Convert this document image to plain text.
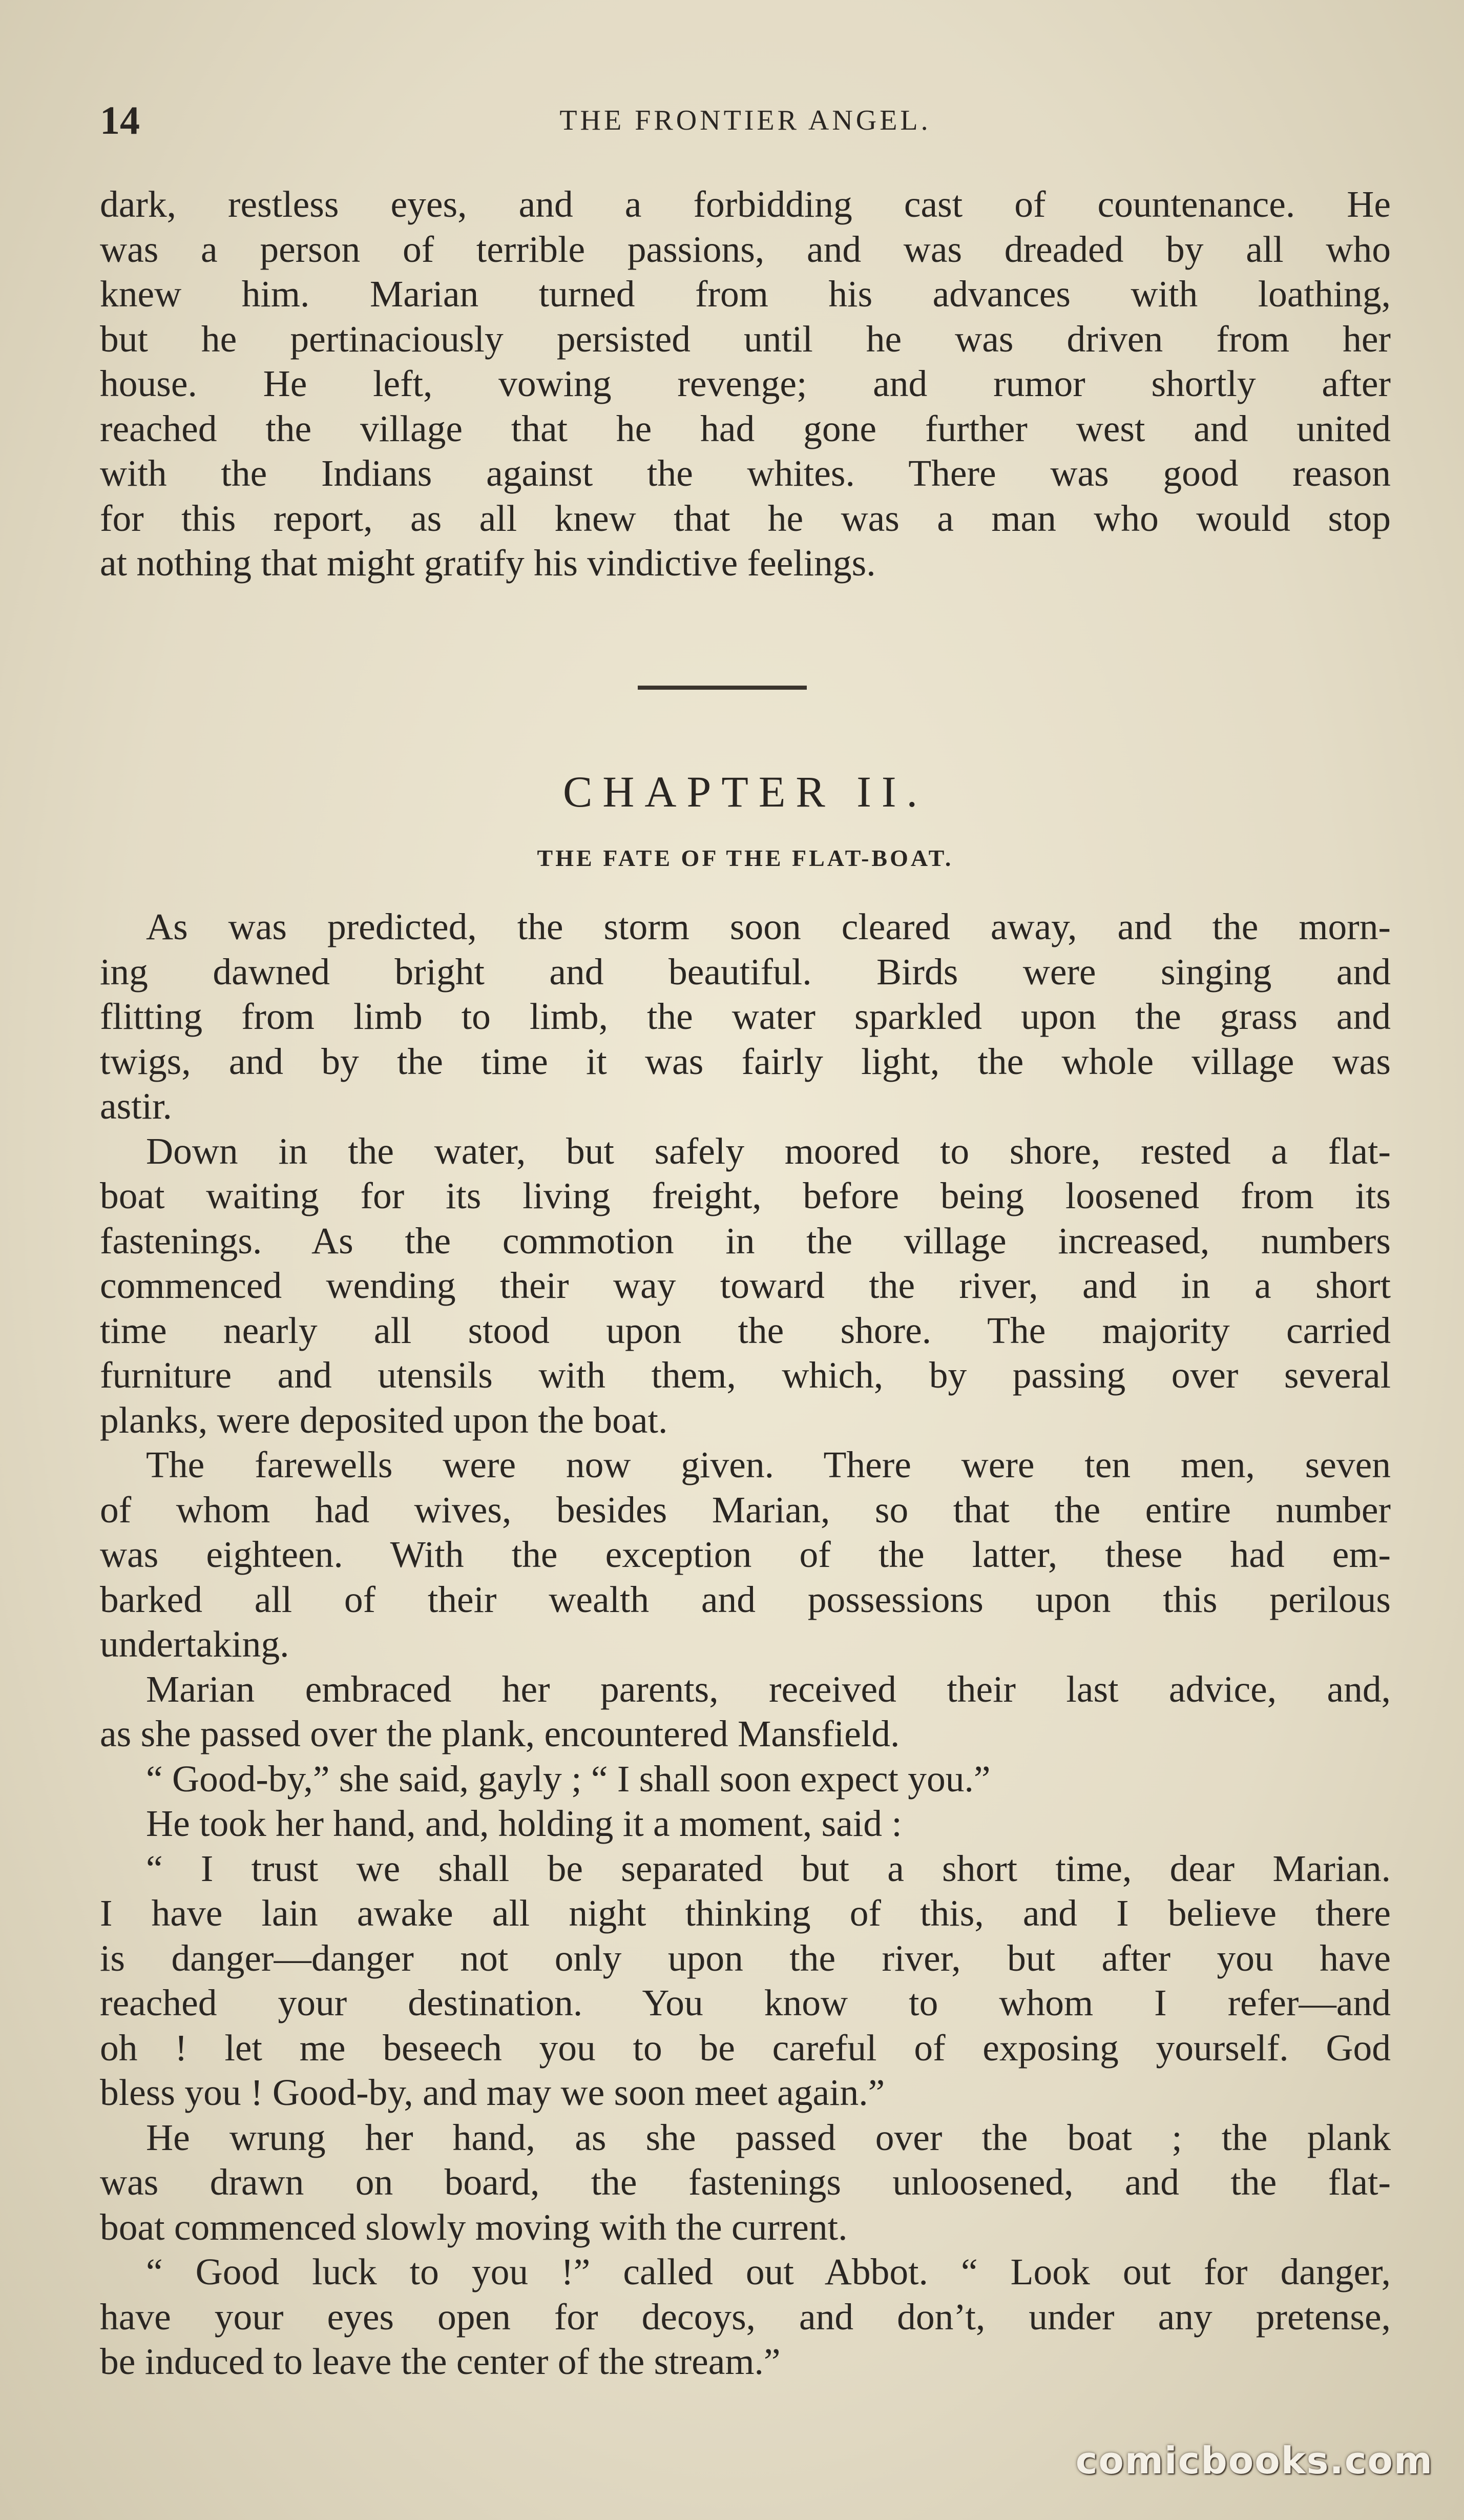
14	THE FRONTIER ANGEL.
dark, restless eyes, and a forbidding cast of countenance. He
was a person of terrible passions, and was dreaded by all who
knew him. Marian turned from his advances with loathing,
but he pertinaciously persisted until he was driven from her
house. He left, vowing revenge; and rumor shortly after
reached the village that he had gone further west and united
with the Indians against the whites. There was good reason
for this report, as all knew that he was a man who would stop
at nothing that might gratify his vindictive feelings.
CHAPTER II.
THE FATE OF THE FLAT-BOAT.
As was predicted, the storm soon cleared away, and the morn-
ing dawned bright and beautiful. Birds were singing and
flitting from limb to limb, the water sparkled upon the grass and
twigs, and by the time it was fairly light, the whole village was
astir.
Down in the water, but safely moored to shore, rested a flat-
boat waiting for its living freight, before being loosened from its
fastenings. As the commotion in the village increased, numbers
commenced wending their way toward the river, and in a short
time nearly all stood upon the shore. The majority carried
furniture and utensils with them, which, by passing over several
planks, were deposited upon the boat.
The farewells were now given. There were ten men, seven
of whom had wives, besides Marian, so that the entire number
was eighteen. With the exception of the latter, these had em-
barked all of their wealth and possessions upon this perilous
undertaking.
Marian embraced her parents, received their last advice, and,
as she passed over the plank, encountered Mansfield.
“ Good-by,” she said, gayly ; “ I shall soon expect you.”
He took her hand, and, holding it a moment, said :
“ I trust we shall be separated but a short time, dear Marian.
I have lain awake all night thinking of this, and I believe there
is danger—danger not only upon the river, but after you have
reached your destination. You know to whom I refer—and
oh ! let me beseech you to be careful of exposing yourself. God
bless you ! Good-by, and may we soon meet again.”
He wrung her hand, as she passed over the boat ; the plank
was drawn on board, the fastenings unloosened, and the flat-
boat commenced slowly moving with the current.
“ Good luck to you !” called out Abbot. “ Look out for danger,
have your eyes open for decoys, and don’t, under any pretense,
be induced to leave the center of the stream.”
comicbooks.com
